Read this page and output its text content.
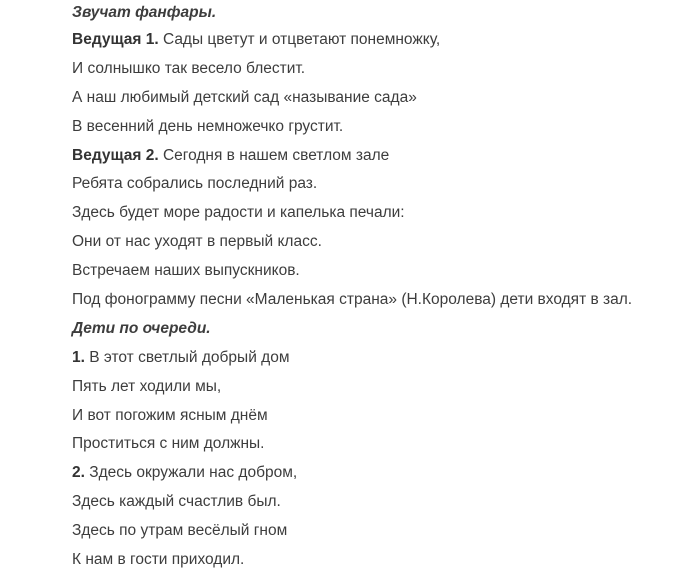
Звучат фанфары.
Ведущая 1. Сады цветут и отцветают понемножку,
И солнышко так весело блестит.
А наш любимый детский сад «называние сада»
В весенний день немножечко грустит.
Ведущая 2. Сегодня в нашем светлом зале
Ребята собрались последний раз.
Здесь будет море радости и капелька печали:
Они от нас уходят в первый класс.
Встречаем наших выпускников.
Под фонограмму песни «Маленькая страна» (Н.Королева) дети входят в зал.
Дети по очереди.
1. В этот светлый добрый дом
Пять лет ходили мы,
И вот погожим ясным днём
Проститься с ним должны.
2. Здесь окружали нас добром,
Здесь каждый счастлив был.
Здесь по утрам весёлый гном
К нам в гости приходил.
